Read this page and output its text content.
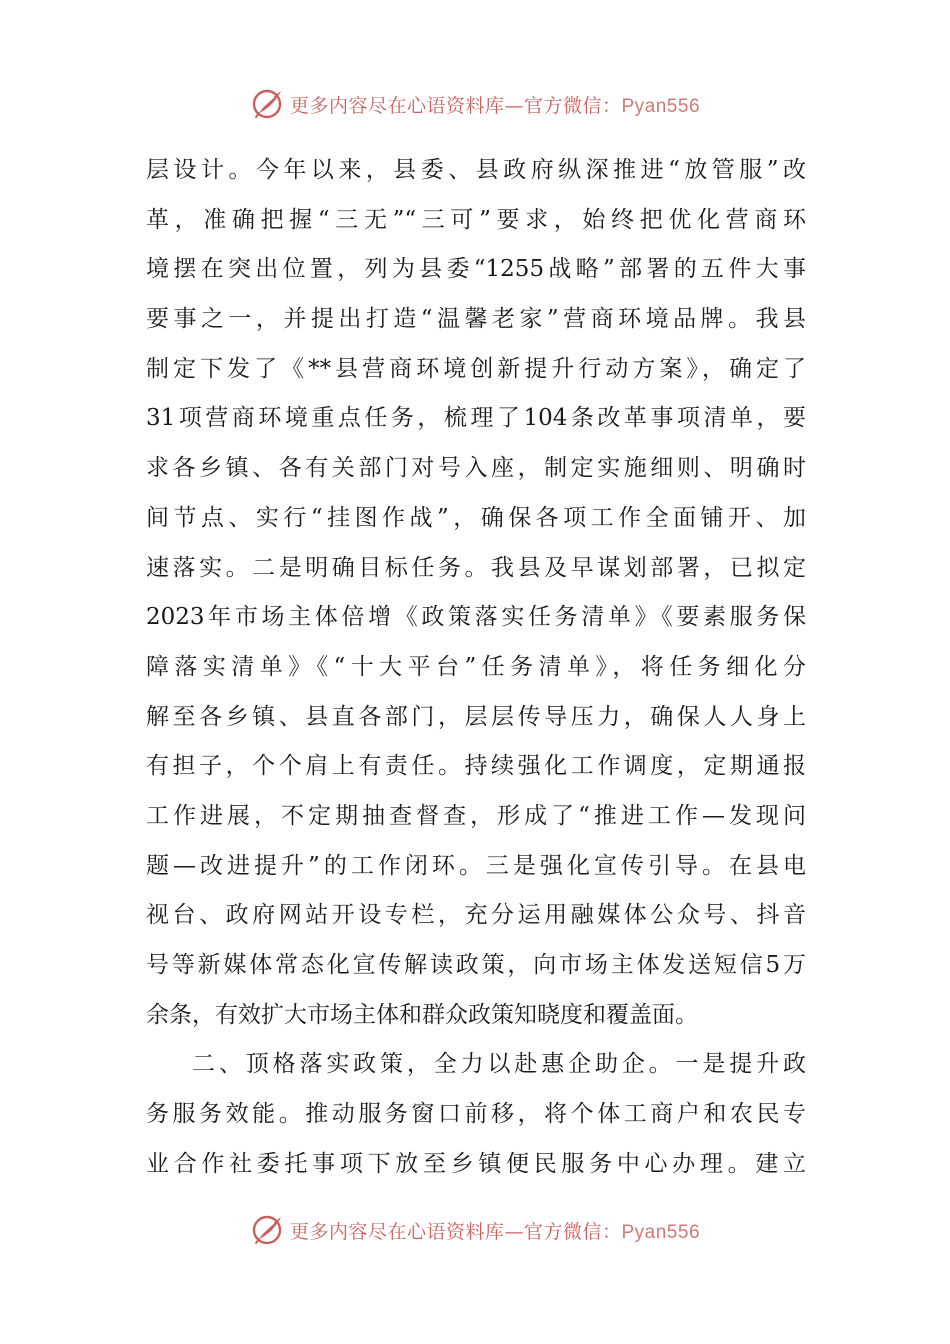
更多内容尽在心语资料库—官方微信：Pyan556
层设计。今年以来，县委、县政府纵深推进“放管服”改
革，准确把握“三无”“三可”要求，始终把优化营商环
境摆在突出位置，列为县委“1255战略”部署的五件大事
要事之一，并提出打造“温馨老家”营商环境品牌。我县
制定下发了《**县营商环境创新提升行动方案》，确定了
31项营商环境重点任务，梳理了104条改革事项清单，要
求各乡镇、各有关部门对号入座，制定实施细则、明确时
间节点、实行“挂图作战”，确保各项工作全面铺开、加
速落实。二是明确目标任务。我县及早谋划部署，已拟定
2023年市场主体倍增《政策落实任务清单》《要素服务保
障落实清单》《“十大平台”任务清单》，将任务细化分
解至各乡镇、县直各部门，层层传导压力，确保人人身上
有担子，个个肩上有责任。持续强化工作调度，定期通报
工作进展，不定期抽查督查，形成了“推进工作—发现问
题—改进提升”的工作闭环。三是强化宣传引导。在县电
视台、政府网站开设专栏，充分运用融媒体公众号、抖音
号等新媒体常态化宣传解读政策，向市场主体发送短信5万
余条，有效扩大市场主体和群众政策知晓度和覆盖面。
二、顶格落实政策，全力以赴惠企助企。一是提升政
务服务效能。推动服务窗口前移，将个体工商户和农民专
业合作社委托事项下放至乡镇便民服务中心办理。建立
更多内容尽在心语资料库—官方微信：Pyan556
